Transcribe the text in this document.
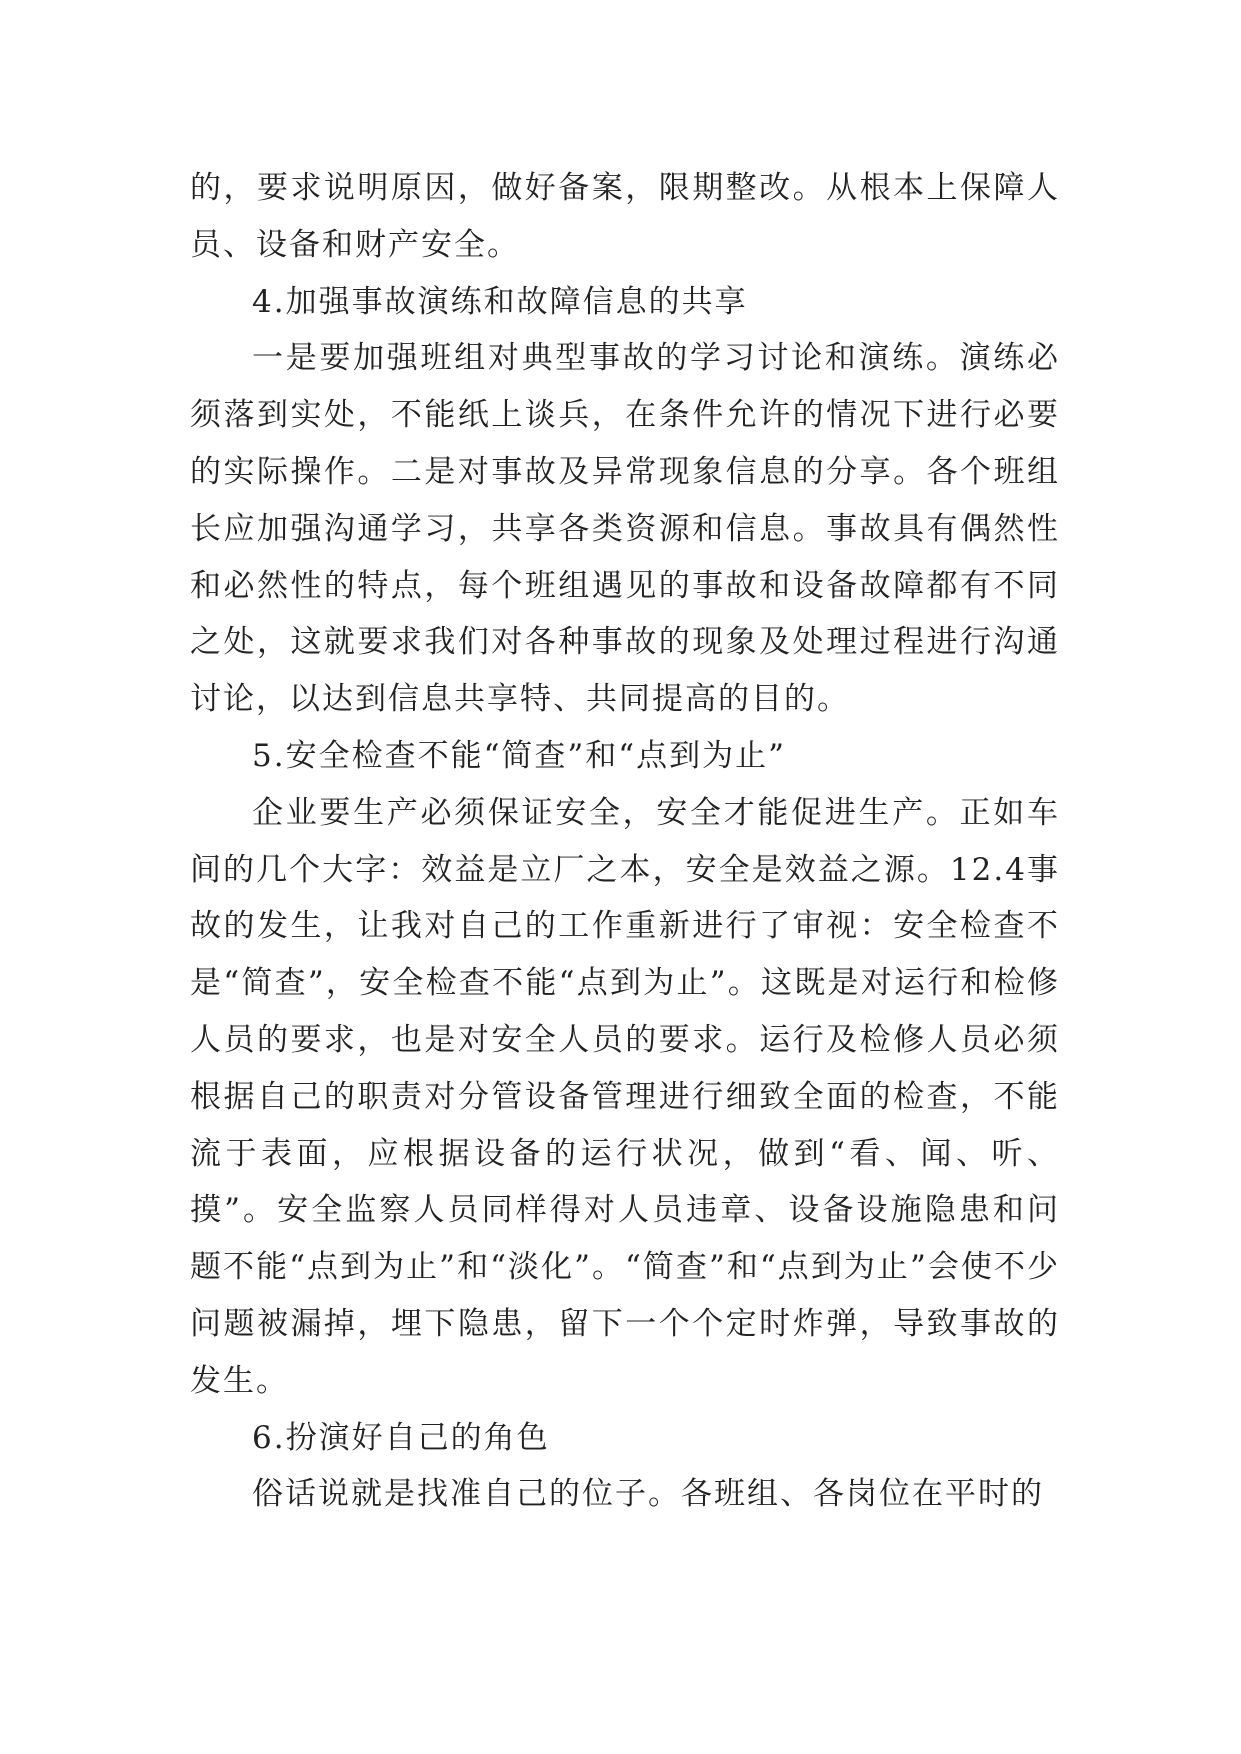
的，要求说明原因，做好备案，限期整改。从根本上保障人员、设备和财产安全。

4.加强事故演练和故障信息的共享

一是要加强班组对典型事故的学习讨论和演练。演练必须落到实处，不能纸上谈兵，在条件允许的情况下进行必要的实际操作。二是对事故及异常现象信息的分享。各个班组长应加强沟通学习，共享各类资源和信息。事故具有偶然性和必然性的特点，每个班组遇见的事故和设备故障都有不同之处，这就要求我们对各种事故的现象及处理过程进行沟通讨论，以达到信息共享特、共同提高的目的。

5.安全检查不能“简查”和“点到为止”

企业要生产必须保证安全，安全才能促进生产。正如车间的几个大字：效益是立厂之本，安全是效益之源。12.4事故的发生，让我对自己的工作重新进行了审视：安全检查不是“简查”，安全检查不能“点到为止”。这既是对运行和检修人员的要求，也是对安全人员的要求。运行及检修人员必须根据自己的职责对分管设备管理进行细致全面的检查，不能流于表面，应根据设备的运行状况，做到“看、闻、听、摸”。安全监察人员同样得对人员违章、设备设施隐患和问题不能“点到为止”和“淡化”。“简查”和“点到为止”会使不少问题被漏掉，埋下隐患，留下一个个定时炸弹，导致事故的发生。

6.扮演好自己的角色

俗话说就是找准自己的位子。各班组、各岗位在平时的
